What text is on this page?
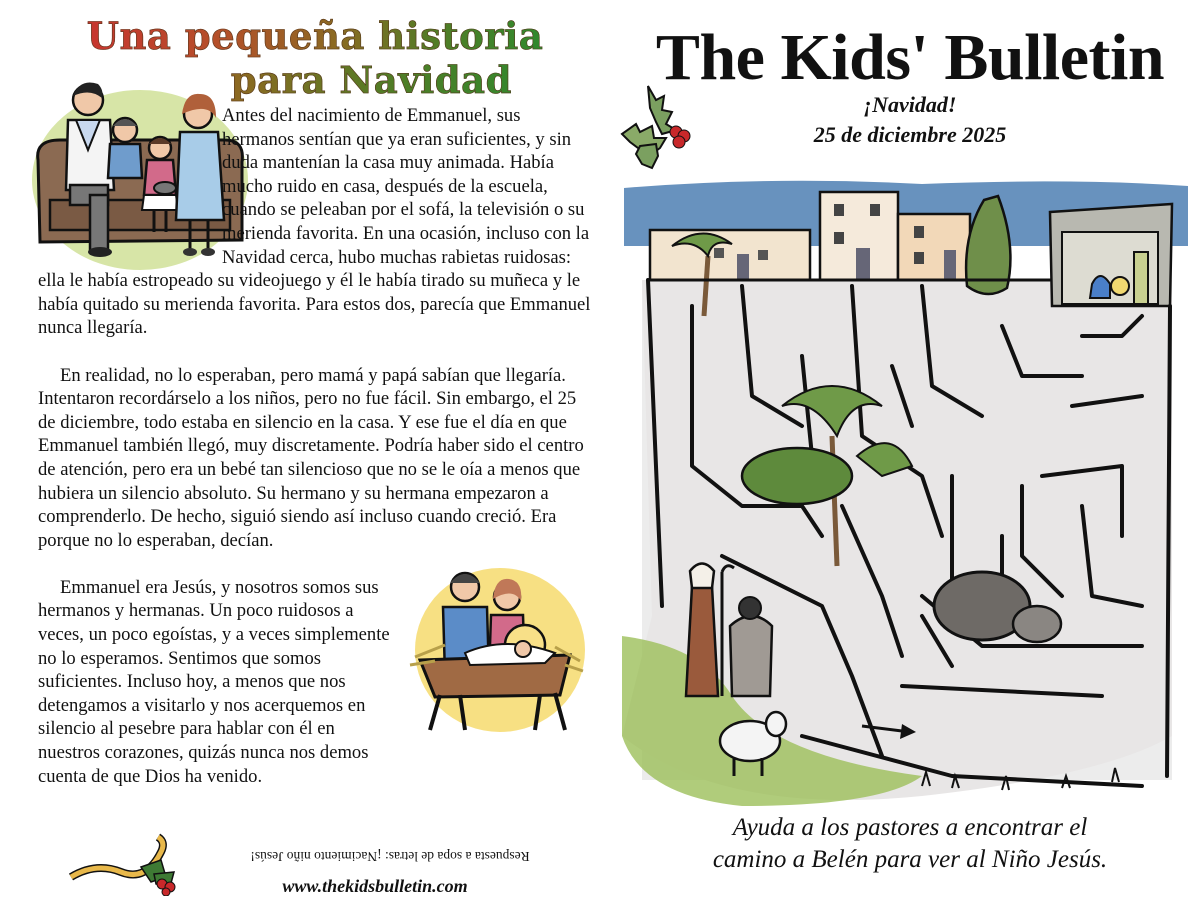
Una pequeña historia
para Navidad

Antes del nacimiento de Emmanuel, sus hermanos sentían que ya eran suficientes, y sin duda mantenían la casa muy animada. Había mucho ruido en casa, después de la escuela, cuando se peleaban por el sofá, la televisión o su merienda favorita. En una ocasión, incluso con la Navidad cerca, hubo muchas rabietas ruidosas: ella le había estropeado su videojuego y él le había tirado su muñeca y le había quitado su merienda favorita. Para estos dos, parecía que Emmanuel nunca llegaría.

En realidad, no lo esperaban, pero mamá y papá sabían que llegaría. Intentaron recordárselo a los niños, pero no fue fácil. Sin embargo, el 25 de diciembre, todo estaba en silencio en la casa. Y ese fue el día en que Emmanuel también llegó, muy discretamente. Podría haber sido el centro de atención, pero era un bebé tan silencioso que no se le oía a menos que hubiera un silencio absoluto. Su hermano y su hermana empezaron a comprenderlo. De hecho, siguió siendo así incluso cuando creció. Era porque no lo esperaban, decían.

Emmanuel era Jesús, y nosotros somos sus hermanos y hermanas. Un poco ruidosos a veces, un poco egoístas, y a veces simplemente no lo esperamos. Sentimos que somos suficientes. Incluso hoy, a menos que nos detengamos a visitarlo y nos acerquemos en silencio al pesebre para hablar con él en nuestros corazones, quizás nunca nos demos cuenta de que Dios ha venido.

Respuesta a sopa de letras: ¡Nacimiento niño Jesús!
www.thekidsbulletin.com
The Kids' Bulletin
¡Navidad!
25 de diciembre 2025
Ayuda a los pastores a encontrar el
camino a Belén para ver al Niño Jesús.
